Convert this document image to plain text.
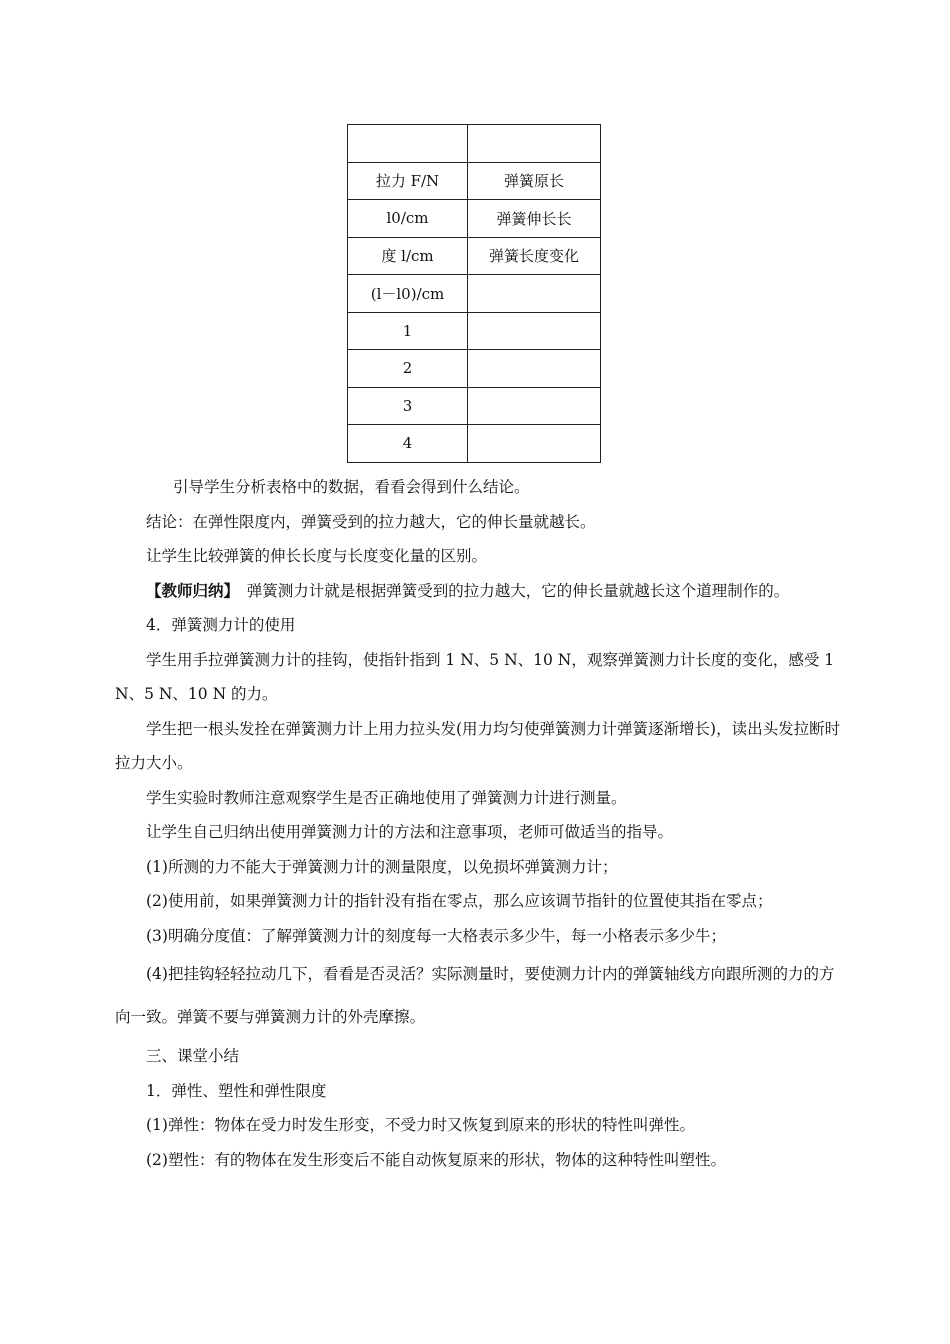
拉力 F/N	弹簧原长
l0/cm	弹簧伸长长
度 l/cm	弹簧长度变化
(l－l0)/cm	
1	
2	
3	
4	

引导学生分析表格中的数据，看看会得到什么结论。

结论：在弹性限度内，弹簧受到的拉力越大，它的伸长量就越长。

让学生比较弹簧的伸长长度与长度变化量的区别。

【教师归纳】　弹簧测力计就是根据弹簧受到的拉力越大，它的伸长量就越长这个道理制作的。

4．弹簧测力计的使用

学生用手拉弹簧测力计的挂钩，使指针指到 1 N、5 N、10 N，观察弹簧测力计长度的变化，感受 1 N、5 N、10 N 的力。

学生把一根头发拴在弹簧测力计上用力拉头发(用力均匀使弹簧测力计弹簧逐渐增长)，读出头发拉断时拉力大小。

学生实验时教师注意观察学生是否正确地使用了弹簧测力计进行测量。

让学生自己归纳出使用弹簧测力计的方法和注意事项，老师可做适当的指导。

(1)所测的力不能大于弹簧测力计的测量限度，以免损坏弹簧测力计；

(2)使用前，如果弹簧测力计的指针没有指在零点，那么应该调节指针的位置使其指在零点；

(3)明确分度值：了解弹簧测力计的刻度每一大格表示多少牛，每一小格表示多少牛；

(4)把挂钩轻轻拉动几下，看看是否灵活？实际测量时，要使测力计内的弹簧轴线方向跟所测的力的方向一致。弹簧不要与弹簧测力计的外壳摩擦。

三、课堂小结

1．弹性、塑性和弹性限度

(1)弹性：物体在受力时发生形变，不受力时又恢复到原来的形状的特性叫弹性。

(2)塑性：有的物体在发生形变后不能自动恢复原来的形状，物体的这种特性叫塑性。
